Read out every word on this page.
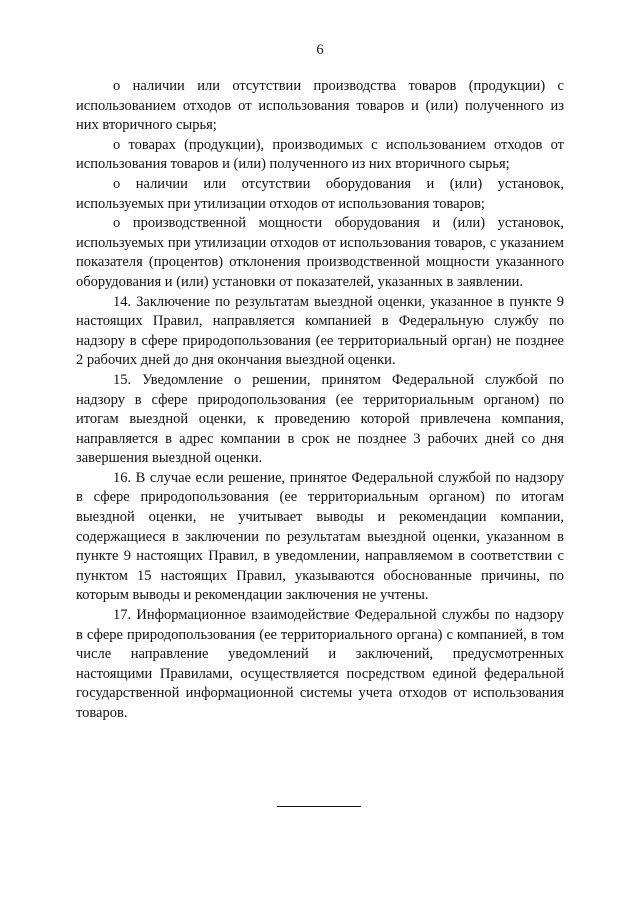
6

о наличии или отсутствии производства товаров (продукции) с использованием отходов от использования товаров и (или) полученного из них вторичного сырья;

о товарах (продукции), производимых с использованием отходов от использования товаров и (или) полученного из них вторичного сырья;

о наличии или отсутствии оборудования и (или) установок, используемых при утилизации отходов от использования товаров;

о производственной мощности оборудования и (или) установок, используемых при утилизации отходов от использования товаров, с указанием показателя (процентов) отклонения производственной мощности указанного оборудования и (или) установки от показателей, указанных в заявлении.

14. Заключение по результатам выездной оценки, указанное в пункте 9 настоящих Правил, направляется компанией в Федеральную службу по надзору в сфере природопользования (ее территориальный орган) не позднее 2 рабочих дней до дня окончания выездной оценки.

15. Уведомление о решении, принятом Федеральной службой по надзору в сфере природопользования (ее территориальным органом) по итогам выездной оценки, к проведению которой привлечена компания, направляется в адрес компании в срок не позднее 3 рабочих дней со дня завершения выездной оценки.

16. В случае если решение, принятое Федеральной службой по надзору в сфере природопользования (ее территориальным органом) по итогам выездной оценки, не учитывает выводы и рекомендации компании, содержащиеся в заключении по результатам выездной оценки, указанном в пункте 9 настоящих Правил, в уведомлении, направляемом в соответствии с пунктом 15 настоящих Правил, указываются обоснованные причины, по которым выводы и рекомендации заключения не учтены.

17. Информационное взаимодействие Федеральной службы по надзору в сфере природопользования (ее территориального органа) с компанией, в том числе направление уведомлений и заключений, предусмотренных настоящими Правилами, осуществляется посредством единой федеральной государственной информационной системы учета отходов от использования товаров.
